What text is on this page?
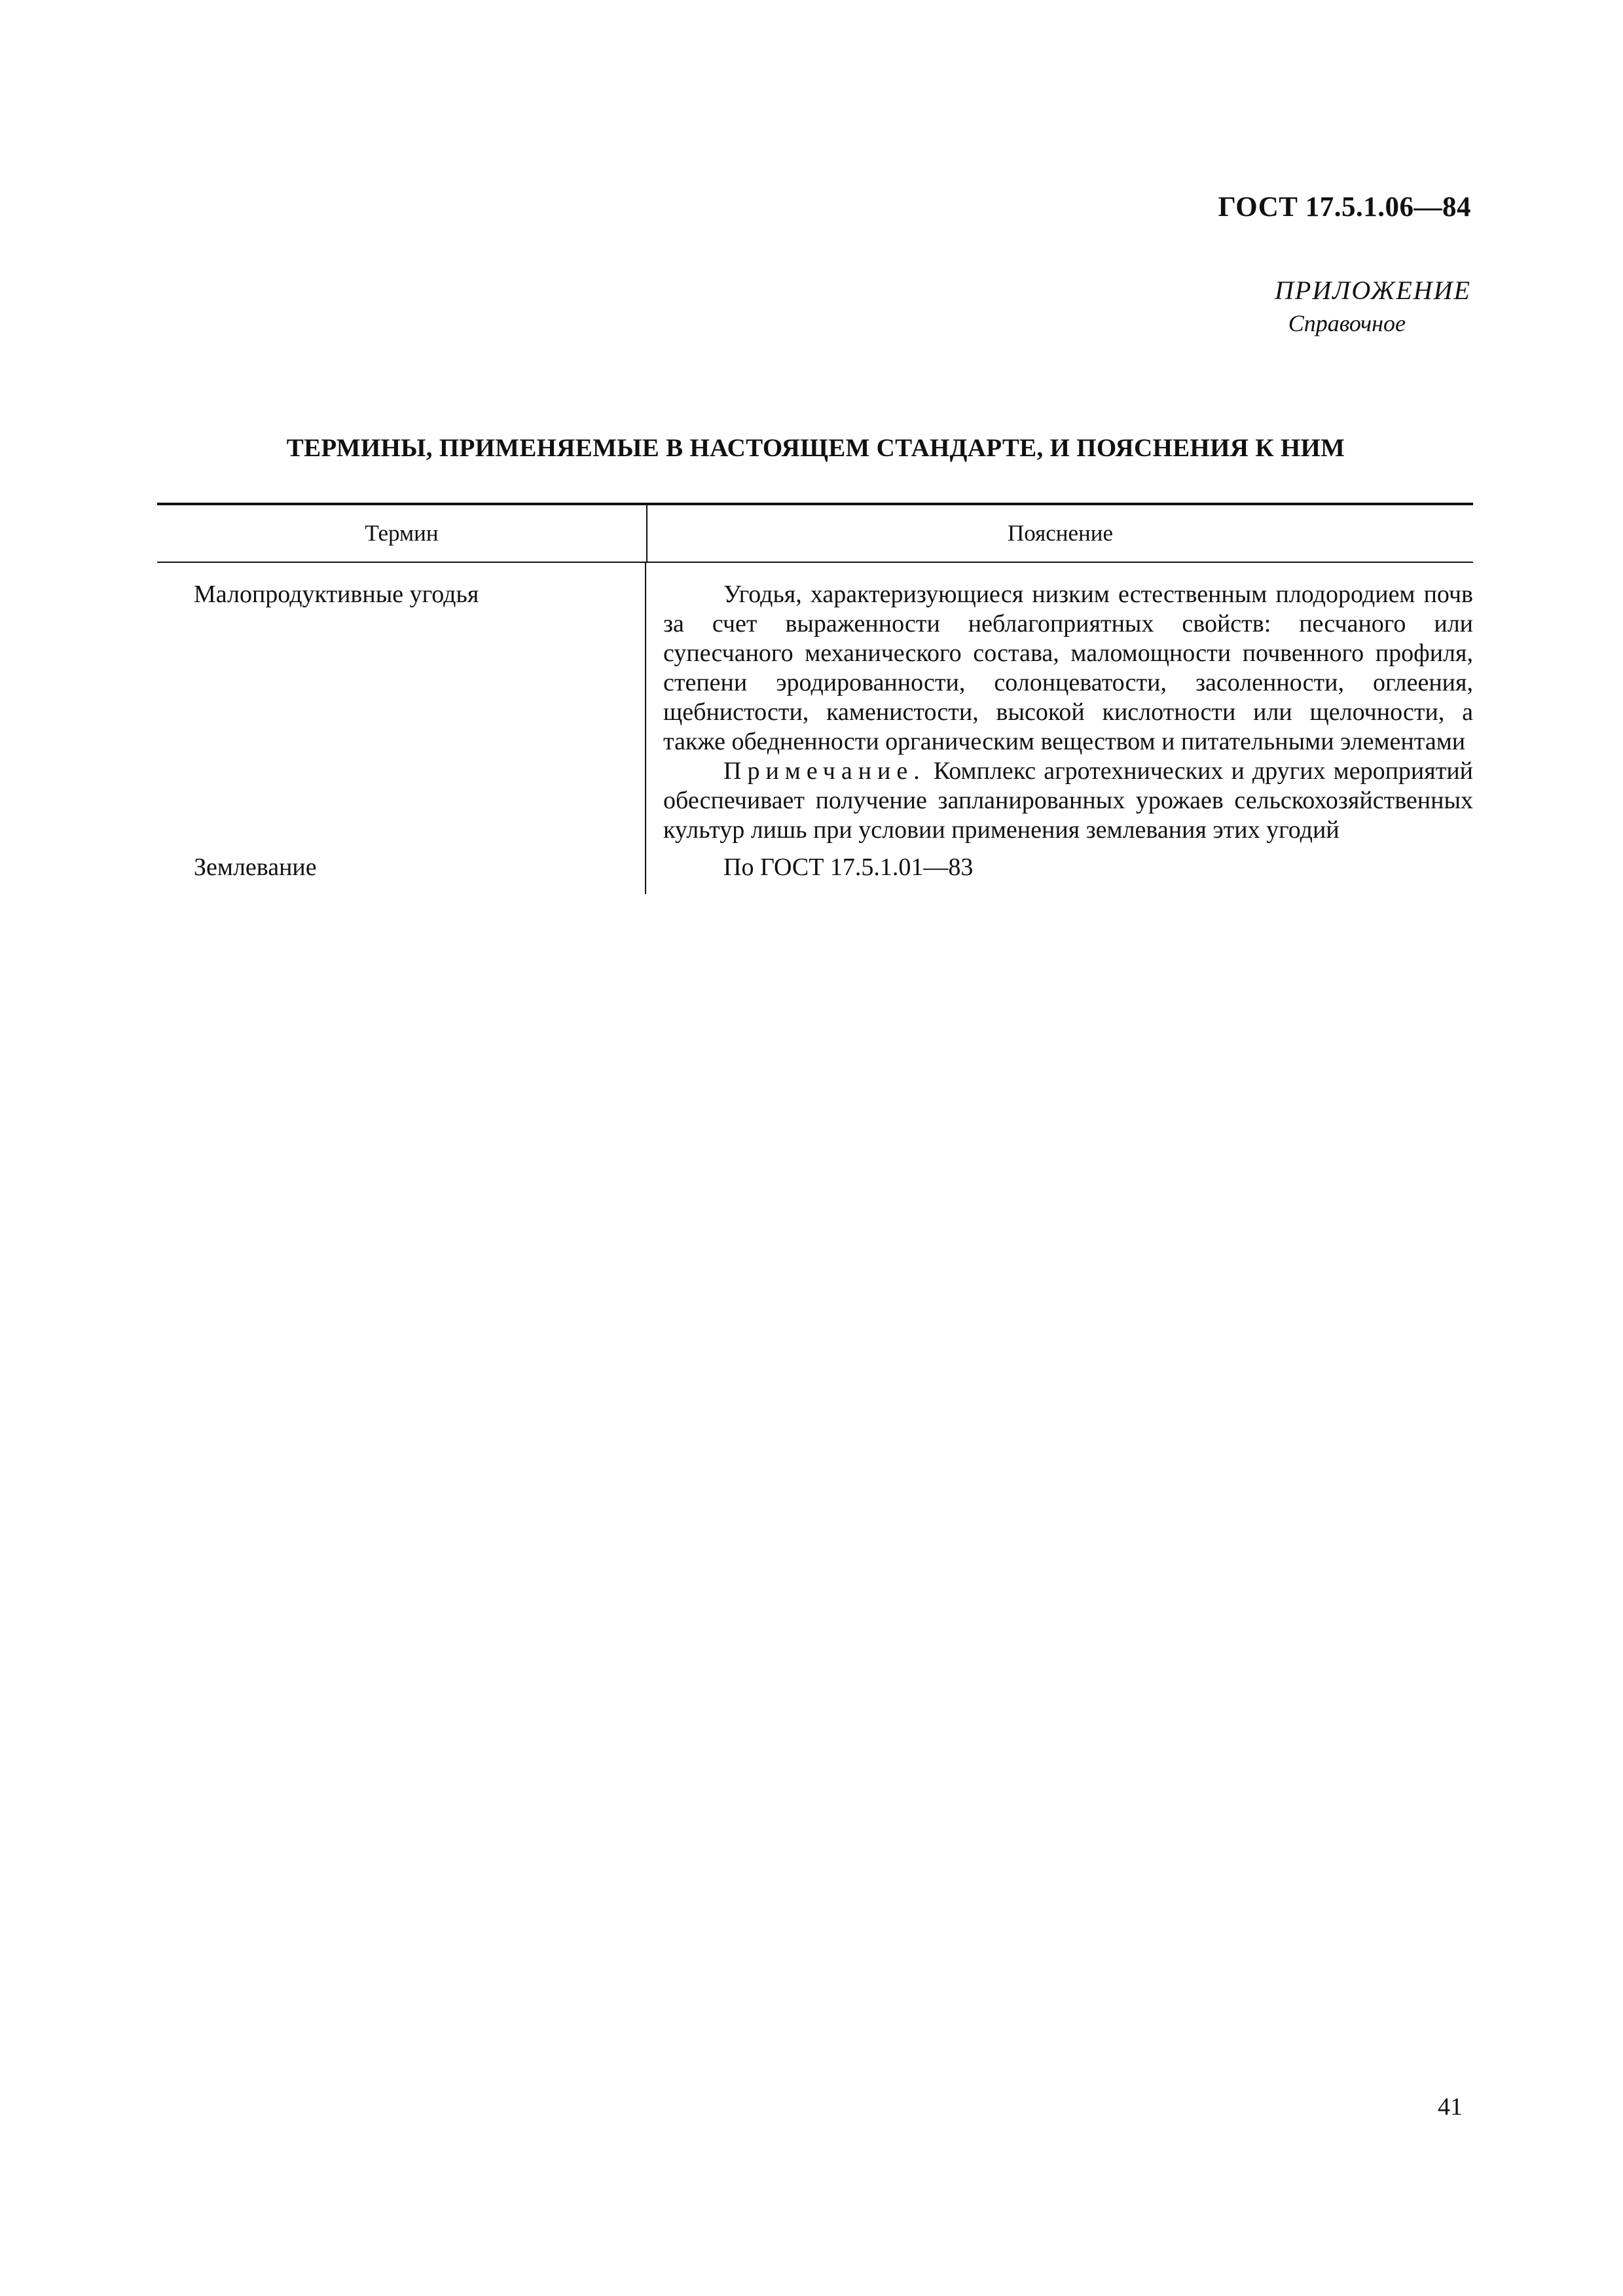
ГОСТ 17.5.1.06—84
ПРИЛОЖЕНИЕ
Справочное
ТЕРМИНЫ, ПРИМЕНЯЕМЫЕ В НАСТОЯЩЕМ СТАНДАРТЕ, И ПОЯСНЕНИЯ К НИМ
Термин	Пояснение
Малопродуктивные угодья	Угодья, характеризующиеся низким естественным плодородием почв за счет выраженности неблагоприятных свойств: песчаного или супесчаного механического состава, маломощности почвенного профиля, степени эродированности, солонцеватости, засоленности, оглеения, щебнистости, каменистости, высокой кислотности или щелочности, а также обедненности органическим веществом и питательными элементами

Примечание. Комплекс агротехнических и других мероприятий обеспечивает получение запланированных урожаев сельскохозяйственных культур лишь при условии применения землевания этих угодий

Землевание	По ГОСТ 17.5.1.01—83

41
